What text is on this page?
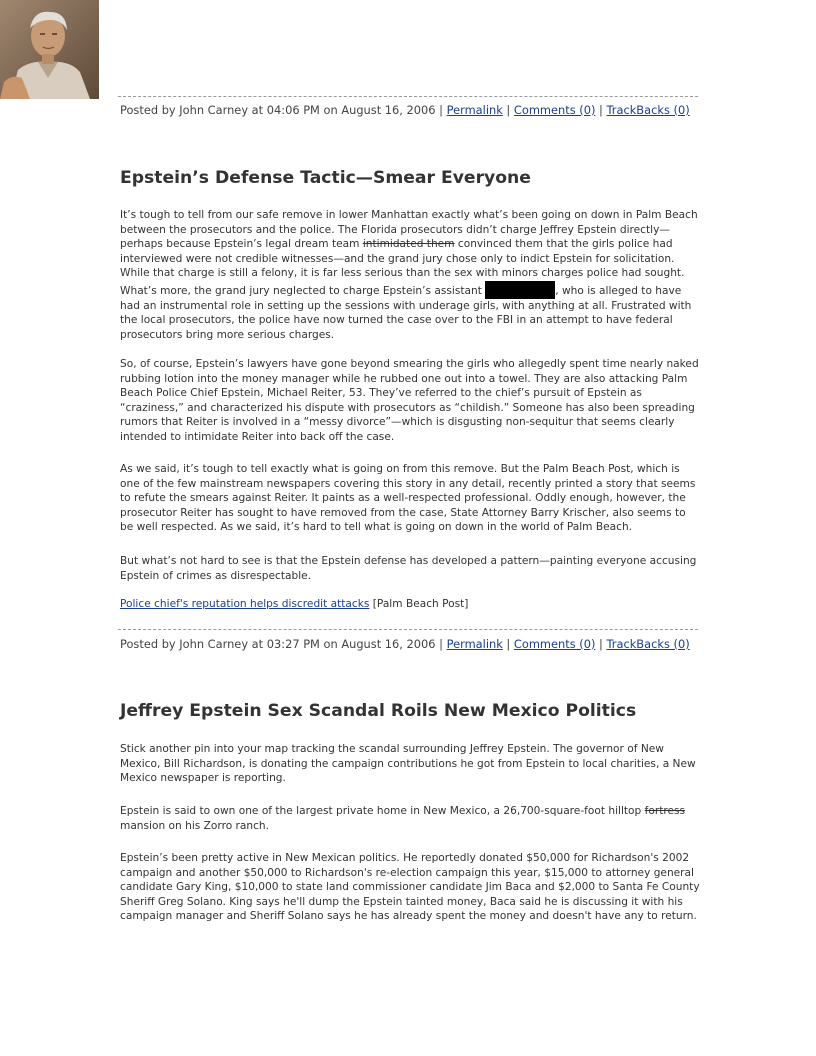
Posted by John Carney at 04:06 PM on August 16, 2006 | Permalink | Comments (0) | TrackBacks (0)
Epstein’s Defense Tactic—Smear Everyone

It’s tough to tell from our safe remove in lower Manhattan exactly what’s been going on down in Palm Beach between the prosecutors and the police. The Florida prosecutors didn’t charge Jeffrey Epstein directly—perhaps because Epstein’s legal dream team intimidated them convinced them that the girls police had interviewed were not credible witnesses—and the grand jury chose only to indict Epstein for solicitation. While that charge is still a felony, it is far less serious than the sex with minors charges police had sought. What’s more, the grand jury neglected to charge Epstein’s assistant	, who is alleged to have had an instrumental role in setting up the sessions with underage girls, with anything at all. Frustrated with the local prosecutors, the police have now turned the case over to the FBI in an attempt to have federal prosecutors bring more serious charges.

So, of course, Epstein’s lawyers have gone beyond smearing the girls who allegedly spent time nearly naked rubbing lotion into the money manager while he rubbed one out into a towel. They are also attacking Palm Beach Police Chief Epstein, Michael Reiter, 53. They’ve referred to the chief’s pursuit of Epstein as “craziness,” and characterized his dispute with prosecutors as “childish.” Someone has also been spreading rumors that Reiter is involved in a “messy divorce”—which is disgusting non-sequitur that seems clearly intended to intimidate Reiter into back off the case.

As we said, it’s tough to tell exactly what is going on from this remove. But the Palm Beach Post, which is one of the few mainstream newspapers covering this story in any detail, recently printed a story that seems to refute the smears against Reiter. It paints as a well-respected professional. Oddly enough, however, the prosecutor Reiter has sought to have removed from the case, State Attorney Barry Krischer, also seems to be well respected. As we said, it’s hard to tell what is going on down in the world of Palm Beach.

But what’s not hard to see is that the Epstein defense has developed a pattern—painting everyone accusing Epstein of crimes as disrespectable.

Police chief's reputation helps discredit attacks [Palm Beach Post]

Posted by John Carney at 03:27 PM on August 16, 2006 | Permalink | Comments (0) | TrackBacks (0)
Jeffrey Epstein Sex Scandal Roils New Mexico Politics

Stick another pin into your map tracking the scandal surrounding Jeffrey Epstein. The governor of New Mexico, Bill Richardson, is donating the campaign contributions he got from Epstein to local charities, a New Mexico newspaper is reporting.

Epstein is said to own one of the largest private home in New Mexico, a 26,700-square-foot hilltop fortress mansion on his Zorro ranch.

Epstein’s been pretty active in New Mexican politics. He reportedly donated $50,000 for Richardson's 2002 campaign and another $50,000 to Richardson's re-election campaign this year, $15,000 to attorney general candidate Gary King, $10,000 to state land commissioner candidate Jim Baca and $2,000 to Santa Fe County Sheriff Greg Solano. King says he'll dump the Epstein tainted money, Baca said he is discussing it with his campaign manager and Sheriff Solano says he has already spent the money and doesn't have any to return.
